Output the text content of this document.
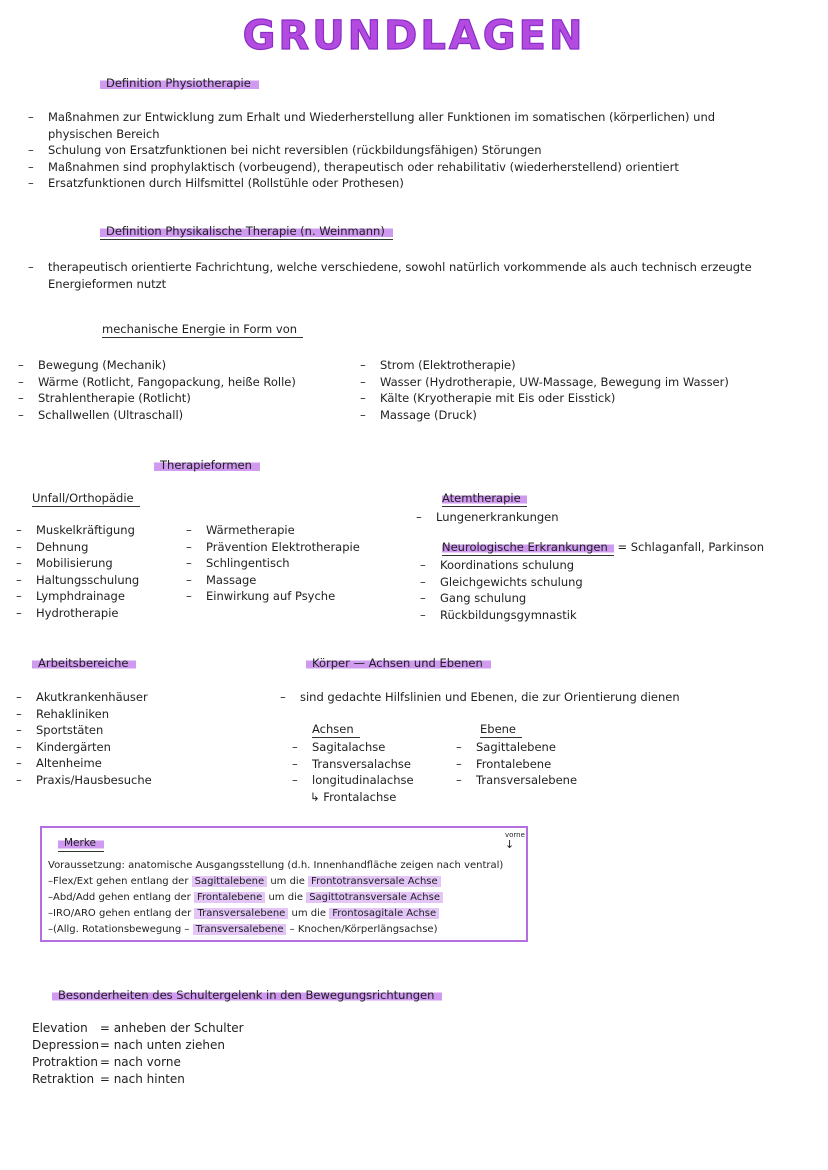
GRUNDLAGEN
Definition Physiotherapie
– Maßnahmen zur Entwicklung zum Erhalt und Wiederherstellung aller Funktionen im somatischen (körperlichen) und physischen Bereich
– Schulung von Ersatzfunktionen bei nicht reversiblen (rückbildungsfähigen) Störungen
– Maßnahmen sind prophylaktisch (vorbeugend), therapeutisch oder rehabilitativ (wiederherstellend) orientiert
– Ersatzfunktionen durch Hilfsmittel (Rollstühle oder Prothesen)
Definition Physikalische Therapie (n. Weinmann)
– therapeutisch orientierte Fachrichtung, welche verschiedene, sowohl natürlich vorkommende als auch technisch erzeugte Energieformen nutzt
mechanische Energie in Form von
– Bewegung (Mechanik)
– Wärme (Rotlicht, Fangopackung, heiße Rolle)
– Strahlentherapie (Rotlicht)
– Schallwellen (Ultraschall)
– Strom (Elektrotherapie)
– Wasser (Hydrotherapie, UW-Massage, Bewegung im Wasser)
– Kälte (Kryotherapie mit Eis oder Eisstick)
– Massage (Druck)
Therapieformen
Unfall/Orthopädie
– Muskelkräftigung
– Dehnung
– Mobilisierung
– Haltungsschulung
– Lymphdrainage
– Hydrotherapie
– Wärmetherapie
– Prävention Elektrotherapie
– Schlingentisch
– Massage
– Einwirkung auf Psyche
Atemtherapie
– Lungenerkrankungen
Neurologische Erkrankungen = Schlaganfall, Parkinson
– Koordinations schulung
– Gleichgewichts schulung
– Gang schulung
– Rückbildungsgymnastik
Arbeitsbereiche
– Akutkrankenhäuser
– Rehakliniken
– Sportstäten
– Kindergärten
– Altenheime
– Praxis/Hausbesuche
Körper — Achsen und Ebenen
– sind gedachte Hilfslinien und Ebenen, die zur Orientierung dienen
Achsen
– Sagitalachse
– Transversalachse
– longitudinalachse
↳ Frontalachse
Ebene
– Sagittalebene
– Frontalebene
– Transversalebene
Merke
vorne
↓
Voraussetzung: anatomische Ausgangsstellung (d.h. Innenhandfläche zeigen nach ventral)
–Flex/Ext gehen entlang der Sagittalebene um die Frontotransversale Achse
–Abd/Add gehen entlang der Frontalebene um die Sagittotransversale Achse
–IRO/ARO gehen entlang der Transversalebene um die Frontosagitale Achse
–(Allg. Rotationsbewegung – Transversalebene – Knochen/Körperlängsachse)
Besonderheiten des Schultergelenk in den Bewegungsrichtungen
Elevation = anheben der Schulter
Depression = nach unten ziehen
Protraktion = nach vorne
Retraktion = nach hinten
